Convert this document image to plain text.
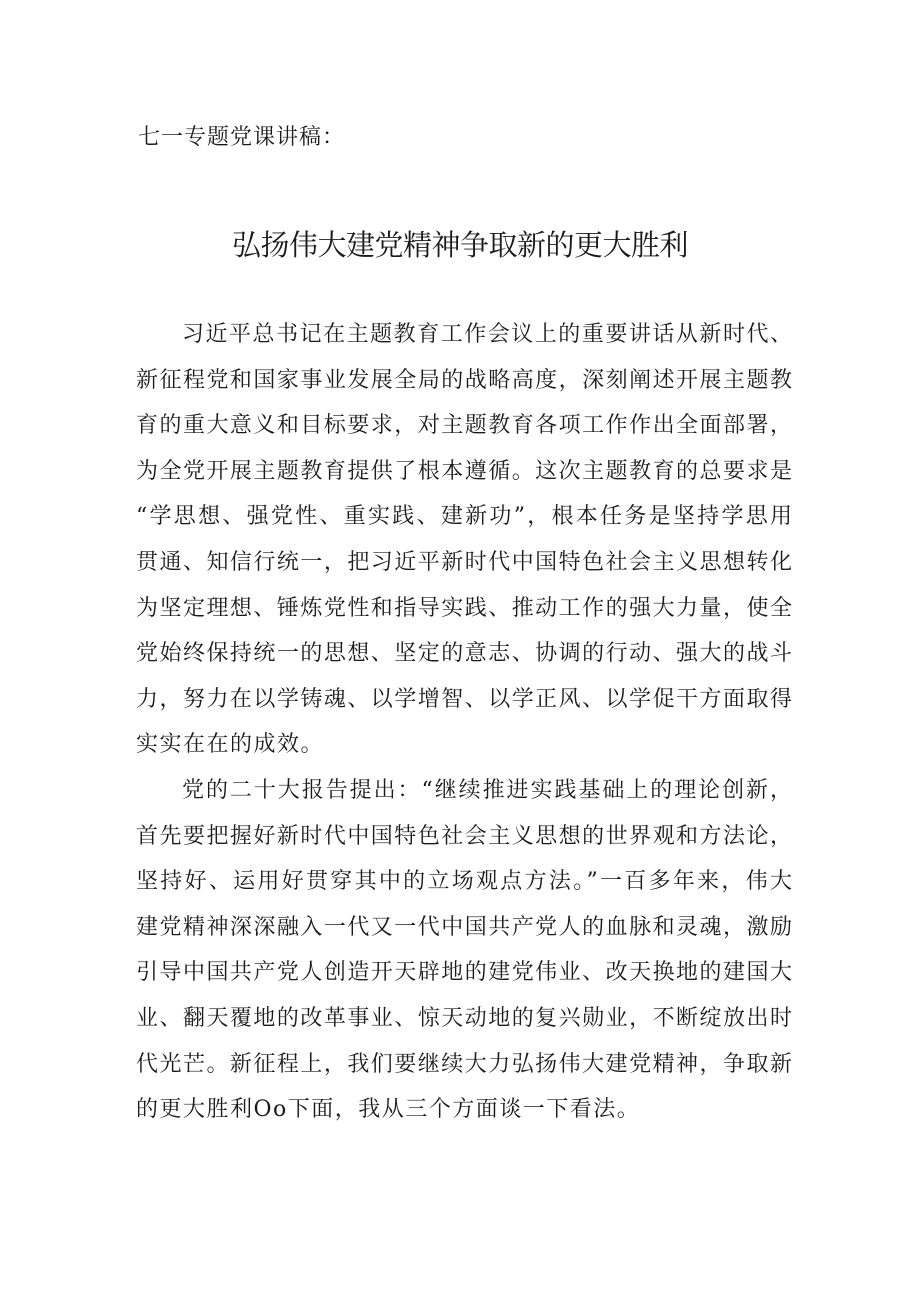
七一专题党课讲稿：
弘扬伟大建党精神争取新的更大胜利
习近平总书记在主题教育工作会议上的重要讲话从新时代、
新征程党和国家事业发展全局的战略高度，深刻阐述开展主题教
育的重大意义和目标要求，对主题教育各项工作作出全面部署，
为全党开展主题教育提供了根本遵循。这次主题教育的总要求是
“学思想、强党性、重实践、建新功”，根本任务是坚持学思用
贯通、知信行统一，把习近平新时代中国特色社会主义思想转化
为坚定理想、锤炼党性和指导实践、推动工作的强大力量，使全
党始终保持统一的思想、坚定的意志、协调的行动、强大的战斗
力，努力在以学铸魂、以学增智、以学正风、以学促干方面取得
实实在在的成效。
党的二十大报告提出：“继续推进实践基础上的理论创新，
首先要把握好新时代中国特色社会主义思想的世界观和方法论，
坚持好、运用好贯穿其中的立场观点方法。”一百多年来，伟大
建党精神深深融入一代又一代中国共产党人的血脉和灵魂，激励
引导中国共产党人创造开天辟地的建党伟业、改天换地的建国大
业、翻天覆地的改革事业、惊天动地的复兴勋业，不断绽放出时
代光芒。新征程上，我们要继续大力弘扬伟大建党精神，争取新
的更大胜利Oo下面，我从三个方面谈一下看法。
